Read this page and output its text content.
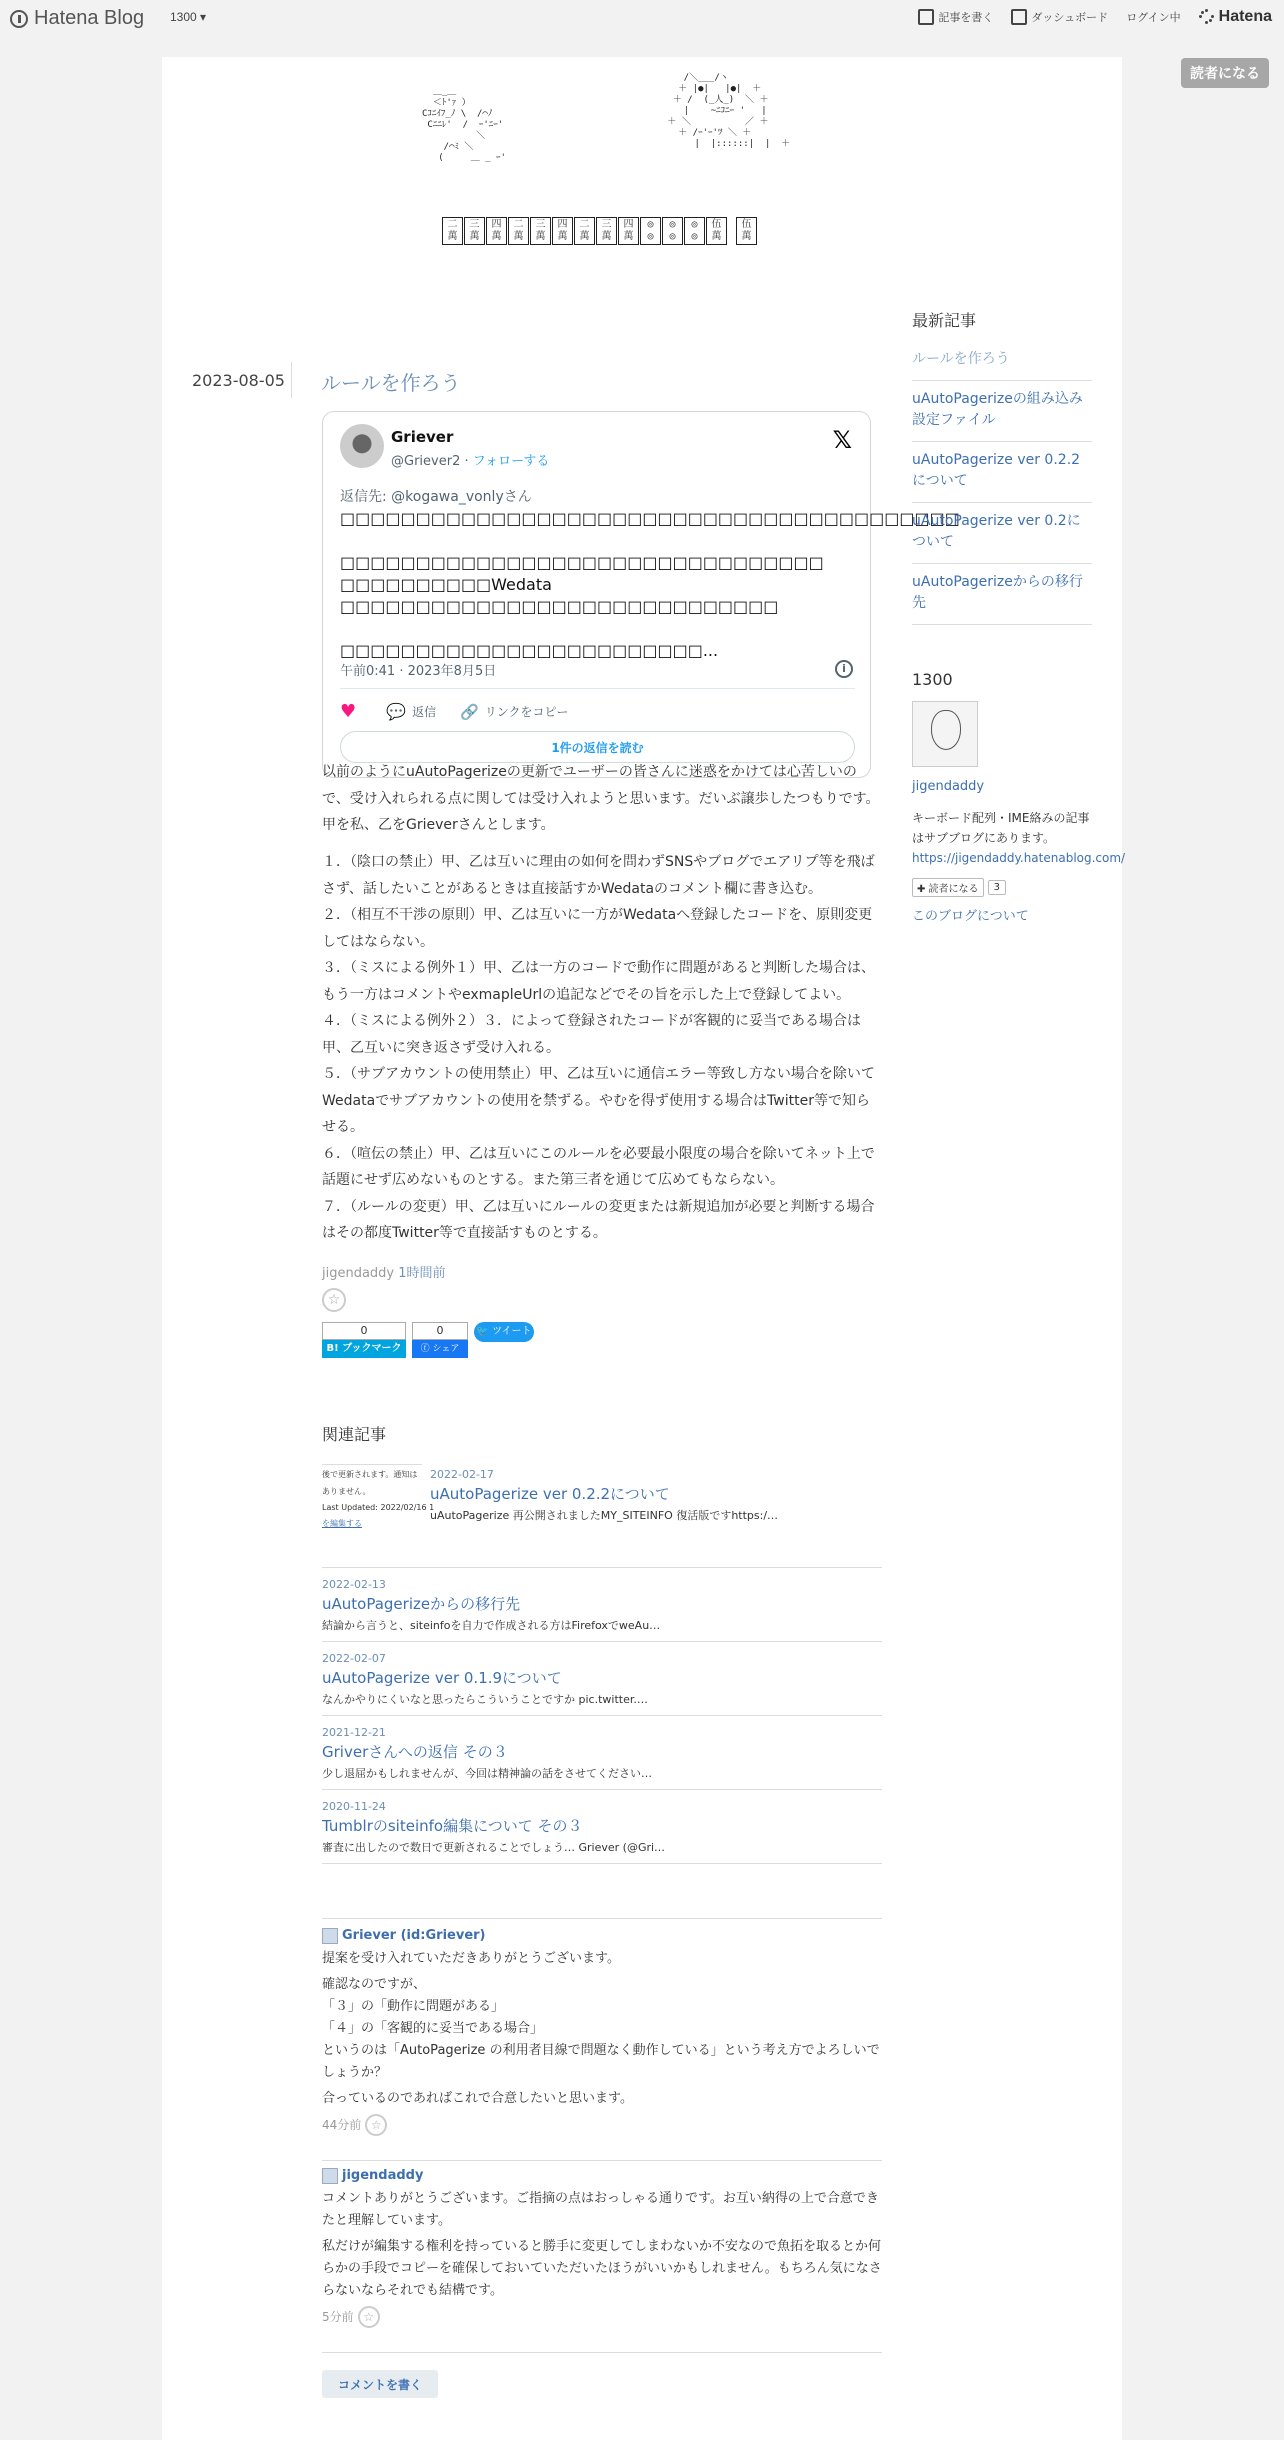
Hatena Blog 1300 ▾	記事を書く	ダッシュボード ログイン中 Hatena
読者になる
＿_＿
＜ﾄ'ｧ ）
Cｺﾆｲﾌ_ﾉ \  /⌒ﾉ
Cﾆﾆﾚ'  /  ｰ'ﾆｰ'
＼
/⌒ﾐ ＼
(     ＿ _ ｰ'
/＼___/ヽ
＋ |●|   |●|  ＋
＋ /  (_人_)  ＼ ＋
|    ~ﾆｺﾆｰ '   |
＋ ＼          ／ ＋
＋ /ｰ'ｰ'ﾂ ＼ ＋
|  |::::::|  |  ＋
二
萬
三
萬
四
萬
二
萬
三
萬
四
萬
二
萬
三
萬
四
萬
◎
◎
◎
◎
◎
◎
伍
萬
伍
萬
2023-08-05 ルールを作ろう
Griever
@Griever2 · フォローする
𝕏
返信先: @kogawa_vonlyさん
□□□□□□□□□□□□□□□□□□□□□□□□□□□□□□□□□□□□□□□□□

□□□□□□□□□□□□□□□□□□□□□□□□□□□□□□□□
□□□□□□□□□□Wedata □□□□□□□□□□□□□□□□□□□□□□□□□□□□□

□□□□□□□□□□□□□□□□□□□□□□□□...
午前0:41 · 2023年8月5日	i
♥ 💬 返信 🔗 リンクをコピー
1件の返信を読む
以前のようにuAutoPagerizeの更新でユーザーの皆さんに迷惑をかけては心苦しいので、受け入れられる点に関しては受け入れようと思います。だいぶ譲歩したつもりです。甲を私、乙をGrieverさんとします。

１．（陰口の禁止）甲、乙は互いに理由の如何を問わずSNSやブログでエアリプ等を飛ばさず、話したいことがあるときは直接話すかWedataのコメント欄に書き込む。

２．（相互不干渉の原則）甲、乙は互いに一方がWedataへ登録したコードを、原則変更してはならない。

３．（ミスによる例外１）甲、乙は一方のコードで動作に問題があると判断した場合は、もう一方はコメントやexmapleUrlの追記などでその旨を示した上で登録してよい。

４．（ミスによる例外２）３．によって登録されたコードが客観的に妥当である場合は甲、乙互いに突き返さず受け入れる。

５．（サブアカウントの使用禁止）甲、乙は互いに通信エラー等致し方ない場合を除いてWedataでサブアカウントの使用を禁ずる。やむを得ず使用する場合はTwitter等で知らせる。

６．（喧伝の禁止）甲、乙は互いにこのルールを必要最小限度の場合を除いてネット上で話題にせず広めないものとする。また第三者を通じて広めてもならない。

７．（ルールの変更）甲、乙は互いにルールの変更または新規追加が必要と判断する場合はその都度Twitter等で直接話すものとする。

jigendaddy 1時間前
☆
0
B! ブックマーク
0
ⓕ シェア
🐦 ツイート
関連記事
後で更新されます。通知は
ありません。
Last Updated: 2022/02/16 1
を編集する
2022-02-17
uAutoPagerize ver 0.2.2について
uAutoPagerize 再公開されましたMY_SITEINFO 復活版ですhttps:/…
2022-02-13
uAutoPagerizeからの移行先
結論から言うと、siteinfoを自力で作成される方はFirefoxでweAu…
2022-02-07
uAutoPagerize ver 0.1.9について
なんかやりにくいなと思ったらこういうことですか pic.twitter.…
2021-12-21
Griverさんへの返信 その３
少し退屈かもしれませんが、今回は精神論の話をさせてください…
2020-11-24
Tumblrのsiteinfo編集について その３
審査に出したので数日で更新されることでしょう… Griever (@Gri…
Griever (id:Griever)

提案を受け入れていただきありがとうございます。

確認なのですが、
「３」の「動作に問題がある」
「４」の「客観的に妥当である場合」
というのは「AutoPagerize の利用者目線で問題なく動作している」という考え方でよろしいでしょうか？

合っているのであればこれで合意したいと思います。

44分前 ☆
jigendaddy

コメントありがとうございます。ご指摘の点はおっしゃる通りです。お互い納得の上で合意できたと理解しています。

私だけが編集する権利を持っていると勝手に変更してしまわないか不安なので魚拓を取るとか何らかの手段でコピーを確保しておいていただいたほうがいいかもしれません。もちろん気になさらないならそれでも結構です。

5分前 ☆
コメントを書く
最新記事
ルールを作ろう
uAutoPagerizeの組み込み設定ファイル
uAutoPagerize ver 0.2.2について
uAutoPagerize ver 0.2について
uAutoPagerizeからの移行先
1300
jigendaddy
キーボード配列・IME絡みの記事はサブブログにあります。
https://jigendaddy.hatenablog.com/
✚ 読者になる	3
このブログについて
